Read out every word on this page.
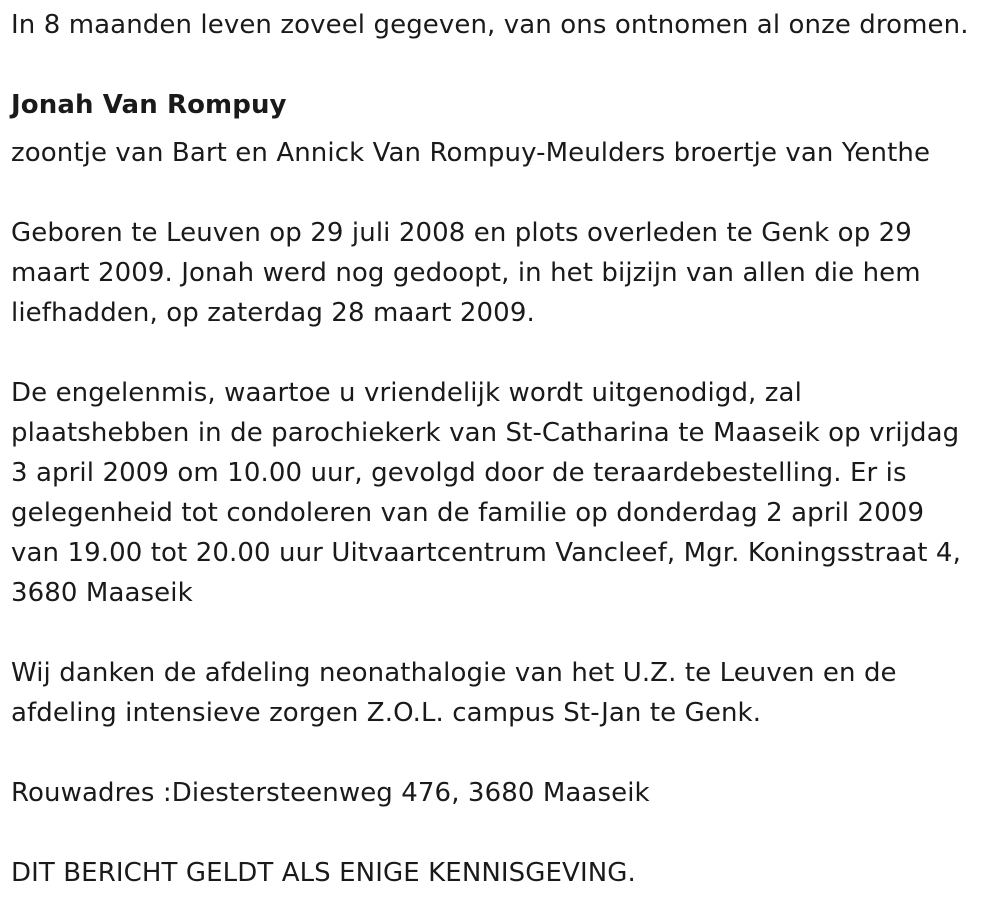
In 8 maanden leven zoveel gegeven, van ons ontnomen al onze dromen.
Jonah Van Rompuy
zoontje van Bart en Annick Van Rompuy-Meulders broertje van Yenthe
Geboren te Leuven op 29 juli 2008 en plots overleden te Genk op 29
maart 2009. Jonah werd nog gedoopt, in het bijzijn van allen die hem
liefhadden, op zaterdag 28 maart 2009.
De engelenmis, waartoe u vriendelijk wordt uitgenodigd, zal
plaatshebben in de parochiekerk van St-Catharina te Maaseik op vrijdag
3 april 2009 om 10.00 uur, gevolgd door de teraardebestelling. Er is
gelegenheid tot condoleren van de familie op donderdag 2 april 2009
van 19.00 tot 20.00 uur Uitvaartcentrum Vancleef, Mgr. Koningsstraat 4,
3680 Maaseik
Wij danken de afdeling neonathalogie van het U.Z. te Leuven en de
afdeling intensieve zorgen Z.O.L. campus St-Jan te Genk.
Rouwadres :Diestersteenweg 476, 3680 Maaseik
DIT BERICHT GELDT ALS ENIGE KENNISGEVING.
